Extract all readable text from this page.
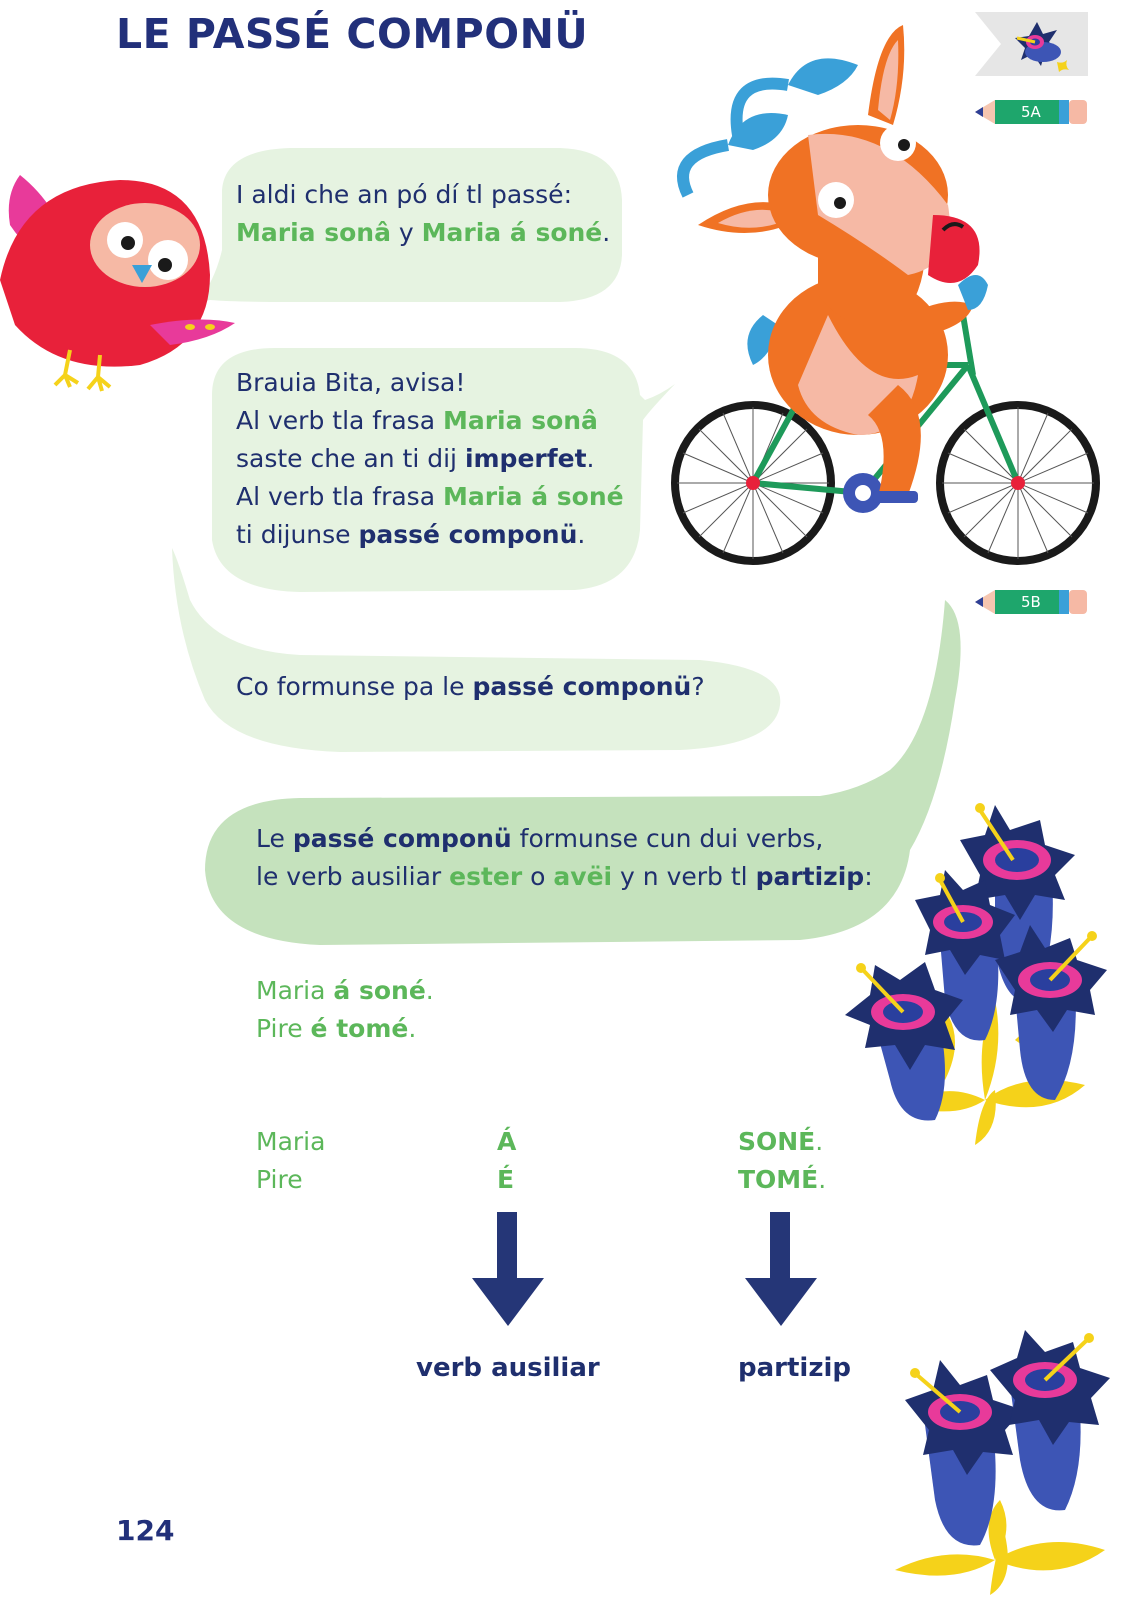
LE PASSÉ COMPONÜ
5A
5B
I aldi che an pó dí tl passé:
Maria sonâ y Maria á soné.
Brauia Bita, avisa!
Al verb tla frasa Maria sonâ
saste che an ti dij imperfet.
Al verb tla frasa Maria á soné
ti dijunse passé componü.
Co formunse pa le passé componü?
Le passé componü formunse cun dui verbs,
le verb ausiliar ester o avëi y n verb tl partizip:
Maria á soné.
Pire é tomé.
Maria
Pire
Á
É
SONÉ.
TOMÉ.
verb ausiliar	partizip
124
